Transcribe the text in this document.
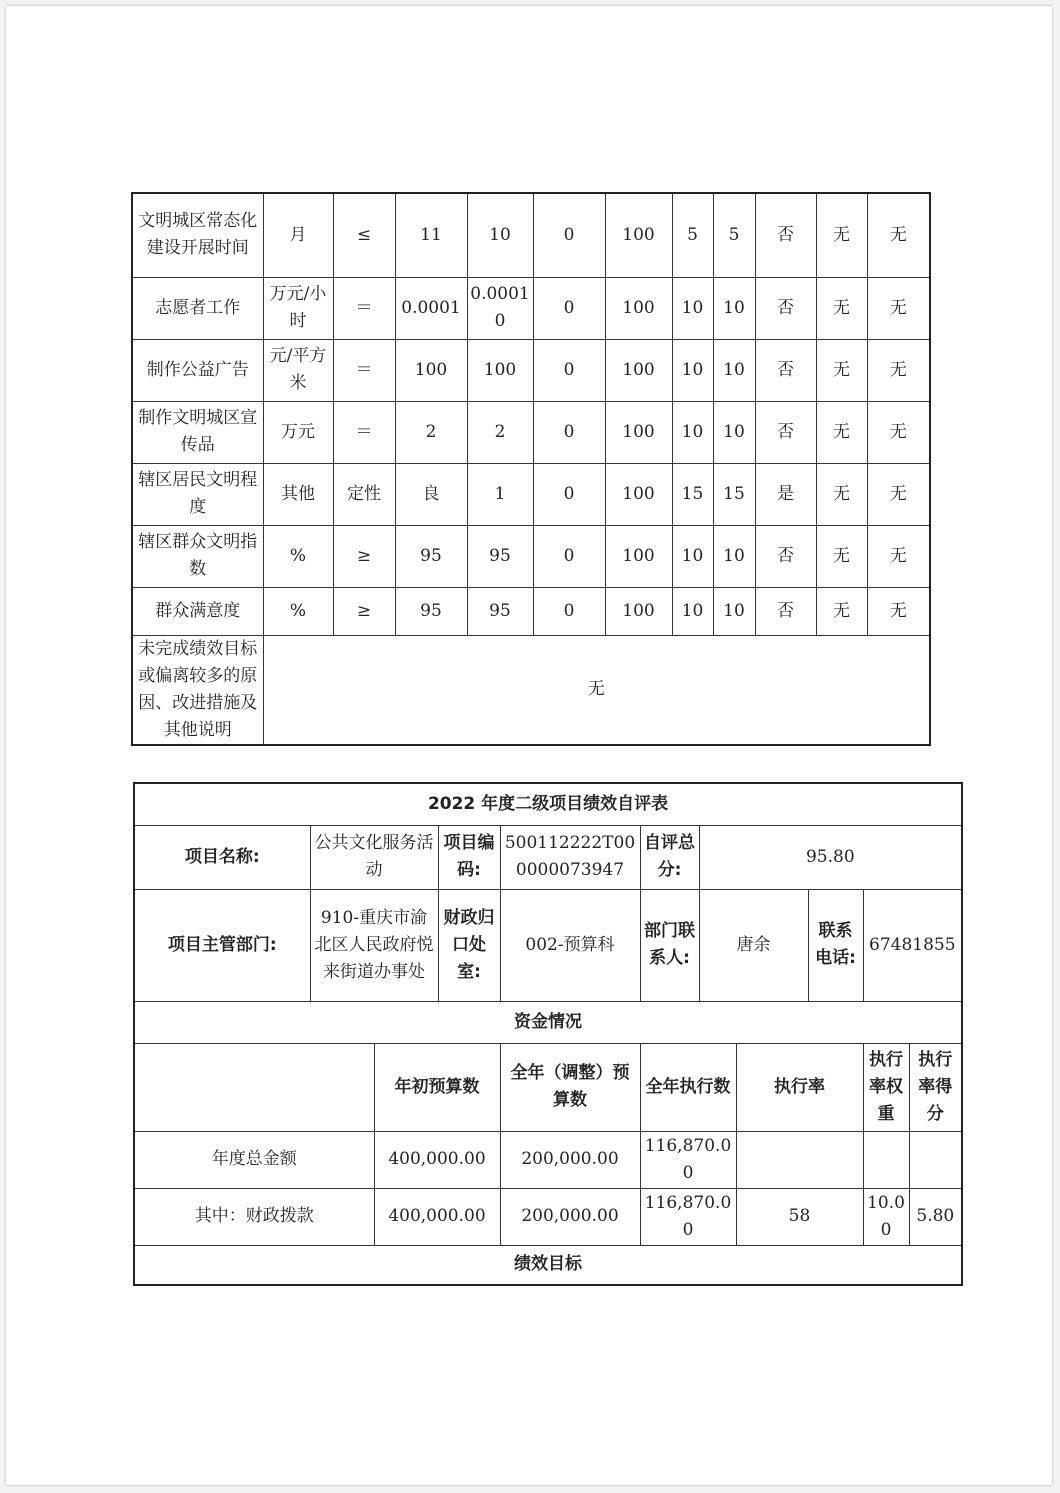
文明城区常态化建设开展时间	月	≤	11	10	0	100	5	5	否	无	无
志愿者工作	万元/小时	＝	0.0001	0.00010	0	100	10	10	否	无	无
制作公益广告	元/平方米	＝	100	100	0	100	10	10	否	无	无
制作文明城区宣传品	万元	＝	2	2	0	100	10	10	否	无	无
辖区居民文明程度	其他	定性	良	1	0	100	15	15	是	无	无
辖区群众文明指数	%	≥	95	95	0	100	10	10	否	无	无
群众满意度	%	≥	95	95	0	100	10	10	否	无	无
未完成绩效目标或偏离较多的原因、改进措施及其他说明	无										
2022 年度二级项目绩效自评表										
项目名称:	公共文化服务活动		项目编码:	500112222T000000073947	自评总分:	95.80				
项目主管部门:	910-重庆市渝北区人民政府悦来街道办事处		财政归口处室:	002-预算科	部门联系人:	唐余		联系电话:	67481855	
资金情况										
		年初预算数		全年（调整）预算数	全年执行数		执行率		执行率权重	执行率得分
年度总金额		400,000.00		200,000.00	116,870.00					
其中：财政拨款		400,000.00		200,000.00	116,870.00		58		10.00	5.80
绩效目标										
